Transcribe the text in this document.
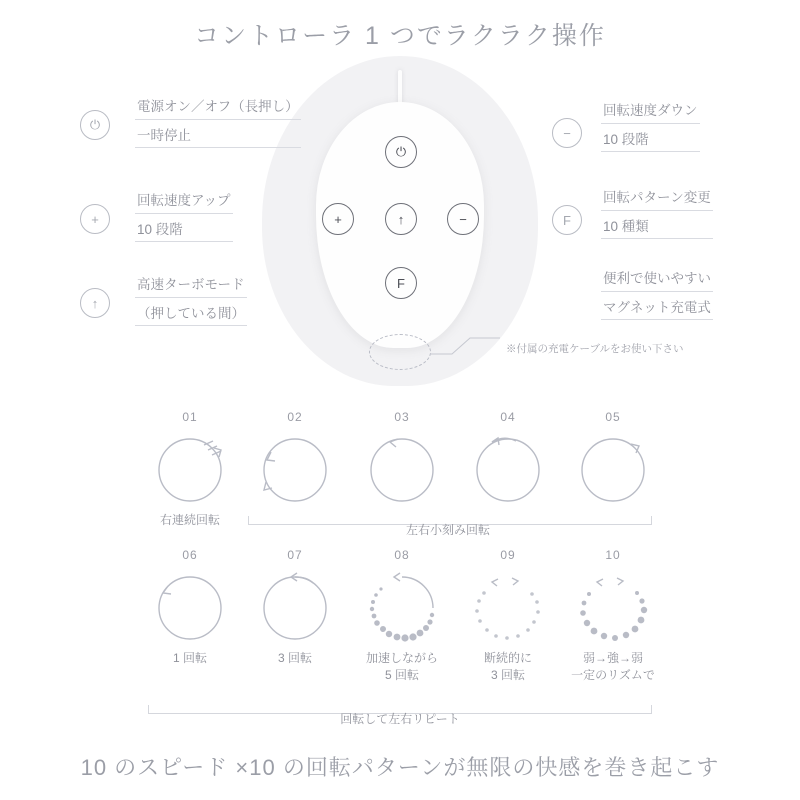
コントローラ 1 つでラクラク操作
⏻
+	↑	−
F
※付属の充電ケーブルをお使い下さい
⏻
電源オン／オフ（長押し）
一時停止
+
回転速度アップ
10 段階
↑
高速ターボモード
（押している間）
−
回転速度ダウン
10 段階
F
回転パターン変更
10 種類
便利で使いやすい
マグネット充電式
01
右連続回転
02	03	04	05
左右小刻み回転
06
1 回転
07
3 回転
08
加速しながら
5 回転
09
断続的に
3 回転
10
弱→強→弱
一定のリズムで
回転して左右リピート
10 のスピード ×10 の回転パターンが無限の快感を巻き起こす
